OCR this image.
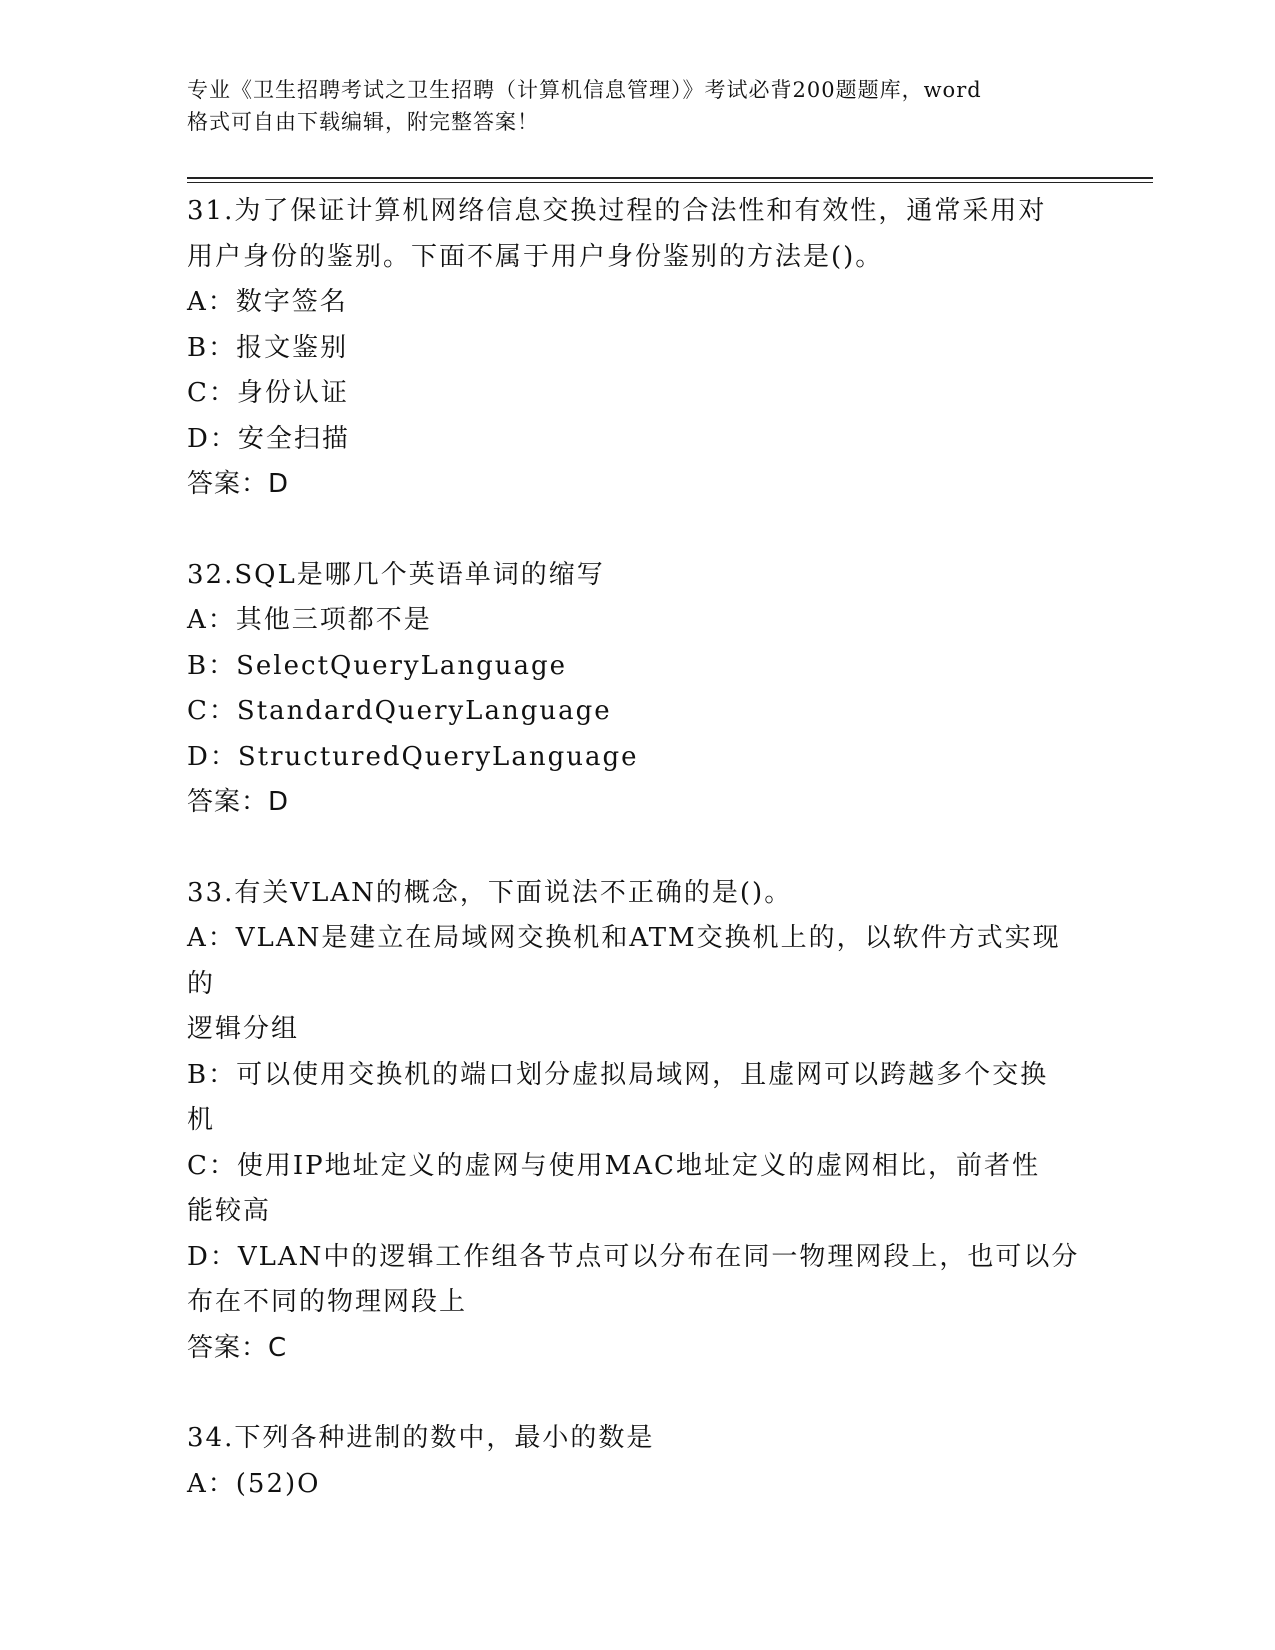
专业《卫生招聘考试之卫生招聘（计算机信息管理）》考试必背200题题库，word
格式可自由下载编辑，附完整答案！
31.为了保证计算机网络信息交换过程的合法性和有效性，通常采用对
用户身份的鉴别。下面不属于用户身份鉴别的方法是()。
A：数字签名
B：报文鉴别
C：身份认证
D：安全扫描
答案：D
32.SQL是哪几个英语单词的缩写
A：其他三项都不是
B：SelectQueryLanguage
C：StandardQueryLanguage
D：StructuredQueryLanguage
答案：D
33.有关VLAN的概念，下面说法不正确的是()。
A：VLAN是建立在局域网交换机和ATM交换机上的，以软件方式实现的
逻辑分组
B：可以使用交换机的端口划分虚拟局域网，且虚网可以跨越多个交换
机
C：使用IP地址定义的虚网与使用MAC地址定义的虚网相比，前者性
能较高
D：VLAN中的逻辑工作组各节点可以分布在同一物理网段上，也可以分
布在不同的物理网段上
答案：C
34.下列各种进制的数中，最小的数是
A：(52)O
